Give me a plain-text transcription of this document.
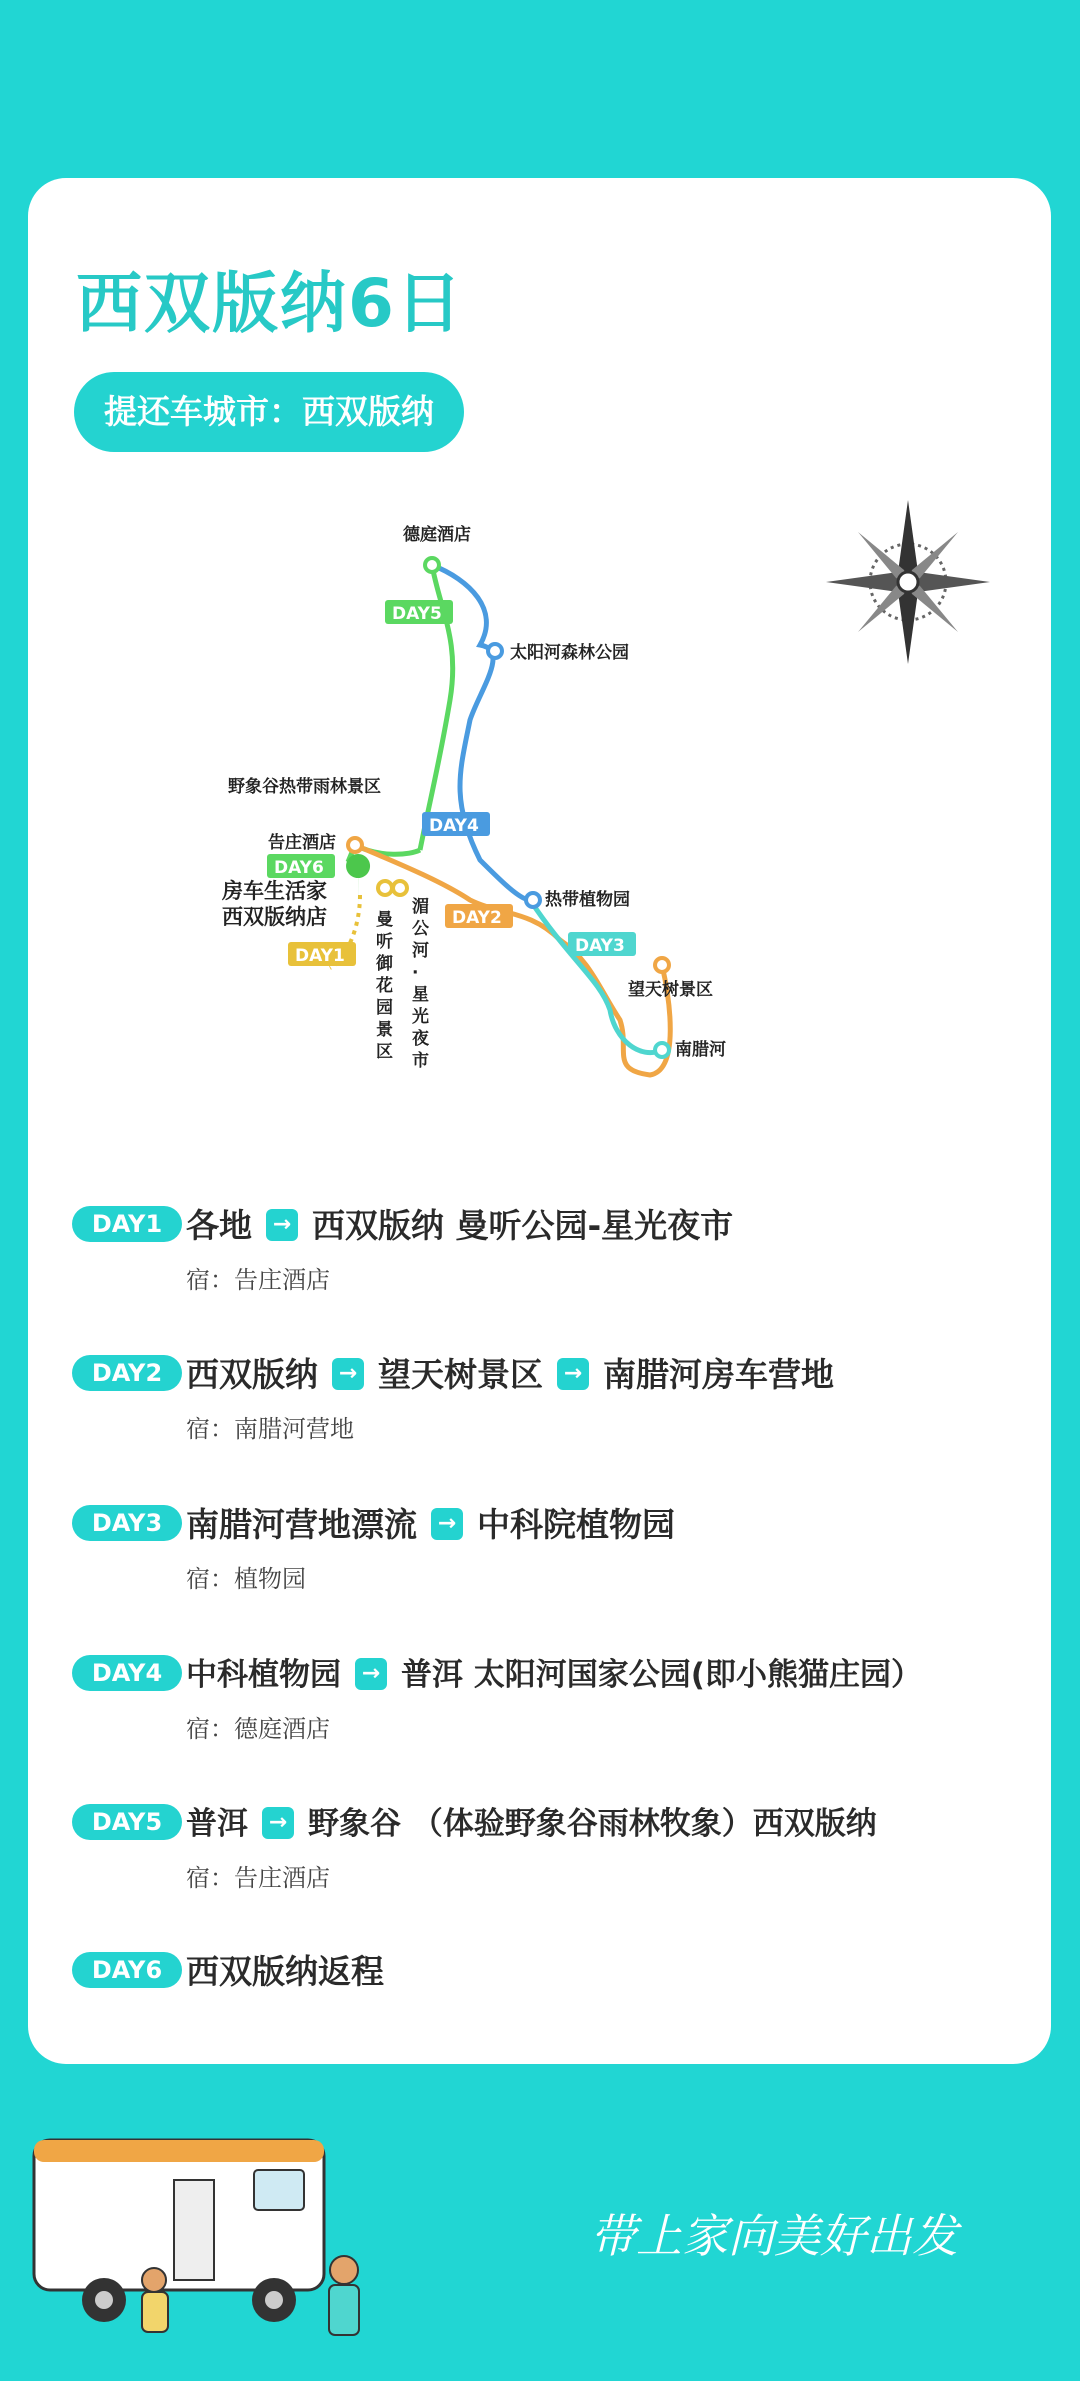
西双版纳6日
提还车城市：西双版纳
德庭酒店
太阳河森林公园
野象谷热带雨林景区
告庄酒店
房车生活家
西双版纳店
热带植物园
望天树景区
南腊河
曼
听
御
花
园
景
区
湄
公
河
·
星
光
夜
市
DAY5
DAY4
DAY6
DAY2
DAY3
DAY1
DAY1 各地 → 西双版纳 曼听公园-星光夜市
宿：告庄酒店
DAY2 西双版纳 → 望天树景区 → 南腊河房车营地
宿：南腊河营地
DAY3 南腊河营地漂流 → 中科院植物园
宿：植物园
DAY4 中科植物园 → 普洱 太阳河国家公园(即小熊猫庄园）
宿：德庭酒店
DAY5 普洱 → 野象谷 （体验野象谷雨林牧象）西双版纳
宿：告庄酒店
DAY6 西双版纳返程
带上家向美好出发
